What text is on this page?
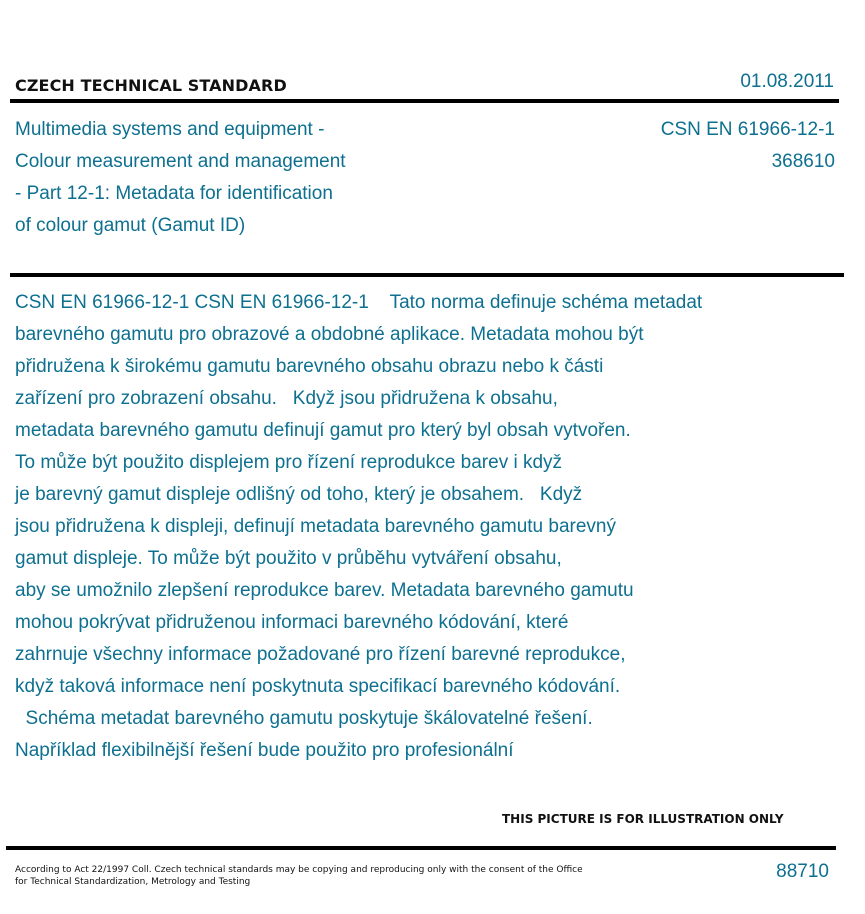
CZECH TECHNICAL STANDARD	01.08.2011
Multimedia systems and equipment -
Colour measurement and management
- Part 12-1: Metadata for identification
of colour gamut (Gamut ID)
CSN EN 61966-12-1
368610
CSN EN 61966-12-1 CSN EN 61966-12-1    Tato norma definuje schéma metadat
barevného gamutu pro obrazové a obdobné aplikace. Metadata mohou být
přidružena k širokému gamutu barevného obsahu obrazu nebo k části
zařízení pro zobrazení obsahu.   Když jsou přidružena k obsahu,
metadata barevného gamutu definují gamut pro který byl obsah vytvořen.
To může být použito displejem pro řízení reprodukce barev i když
je barevný gamut displeje odlišný od toho, který je obsahem.   Když
jsou přidružena k displeji, definují metadata barevného gamutu barevný
gamut displeje. To může být použito v průběhu vytváření obsahu,
aby se umožnilo zlepšení reprodukce barev. Metadata barevného gamutu
mohou pokrývat přidruženou informaci barevného kódování, které
zahrnuje všechny informace požadované pro řízení barevné reprodukce,
když taková informace není poskytnuta specifikací barevného kódování.
Schéma metadat barevného gamutu poskytuje škálovatelné řešení.
Například flexibilnější řešení bude použito pro profesionální
THIS PICTURE IS FOR ILLUSTRATION ONLY
According to Act 22/1997 Coll. Czech technical standards may be copying and reproducing only with the consent of the Office
for Technical Standardization, Metrology and Testing	88710
